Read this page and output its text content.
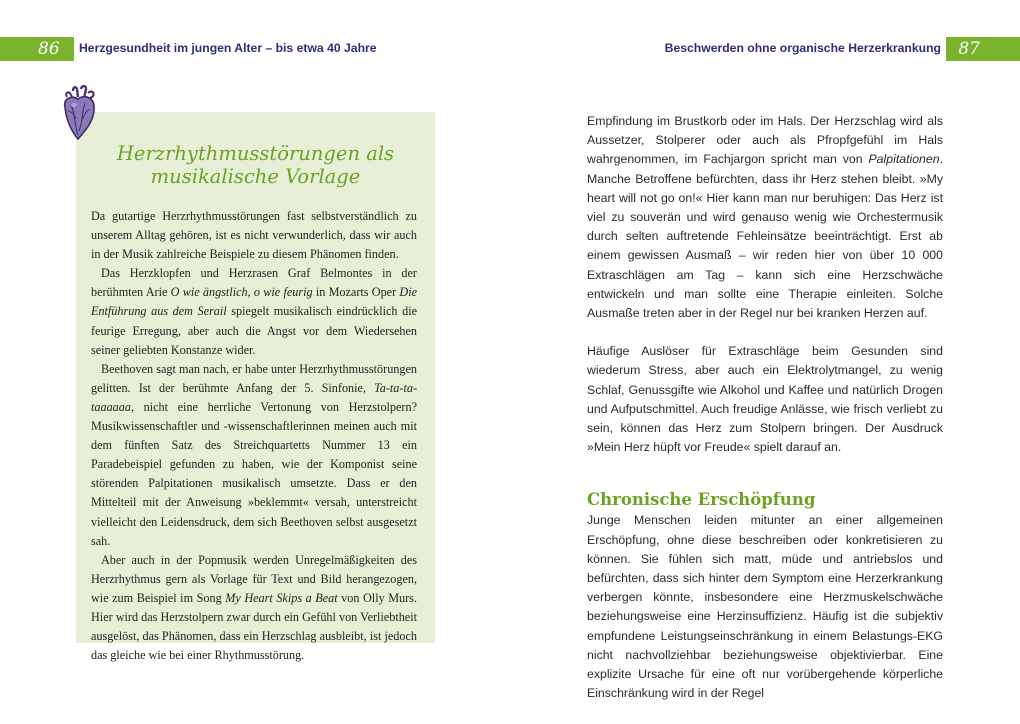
86 Herzgesundheit im jungen Alter – bis etwa 40 Jahre	Beschwerden ohne organische Herzerkrankung 87
Herzrhythmusstörungen als
musikalische Vorlage

Da gutartige Herzrhythmusstörungen fast selbstverständlich zu unserem Alltag gehören, ist es nicht verwunderlich, dass wir auch in der Musik zahlreiche Beispiele zu diesem Phänomen finden.

Das Herzklopfen und Herzrasen Graf Belmontes in der berühmten Arie O wie ängstlich, o wie feurig in Mozarts Oper Die Entführung aus dem Serail spiegelt musikalisch eindrücklich die feurige Erregung, aber auch die Angst vor dem Wiedersehen seiner geliebten Konstanze wider.

Beethoven sagt man nach, er habe unter Herzrhythmusstörungen gelitten. Ist der berühmte Anfang der 5. Sinfonie, Ta-ta-ta-taaaaaa, nicht eine herrliche Vertonung von Herzstolpern? Musikwissenschaftler und -wissenschaftlerinnen meinen auch mit dem fünften Satz des Streichquartetts Nummer 13 ein Paradebeispiel gefunden zu haben, wie der Komponist seine störenden Palpitationen musikalisch umsetzte. Dass er den Mittelteil mit der Anweisung »beklemmt« versah, unterstreicht vielleicht den Leidensdruck, dem sich Beethoven selbst ausgesetzt sah.

Aber auch in der Popmusik werden Unregelmäßigkeiten des Herzrhythmus gern als Vorlage für Text und Bild herangezogen, wie zum Beispiel im Song My Heart Skips a Beat von Olly Murs. Hier wird das Herzstolpern zwar durch ein Gefühl von Verliebtheit ausgelöst, das Phänomen, dass ein Herzschlag ausbleibt, ist jedoch das gleiche wie bei einer Rhythmusstörung.

Empfindung im Brustkorb oder im Hals. Der Herzschlag wird als Aussetzer, Stolperer oder auch als Pfropfgefühl im Hals wahrgenommen, im Fachjargon spricht man von Palpitationen. Manche Betroffene befürchten, dass ihr Herz stehen bleibt. »My heart will not go on!« Hier kann man nur beruhigen: Das Herz ist viel zu souverän und wird genauso wenig wie Orchestermusik durch selten auftretende Fehleinsätze beeinträchtigt. Erst ab einem gewissen Ausmaß – wir reden hier von über 10 000 Extraschlägen am Tag – kann sich eine Herzschwäche entwickeln und man sollte eine Therapie einleiten. Solche Ausmaße treten aber in der Regel nur bei kranken Herzen auf.

Häufige Auslöser für Extraschläge beim Gesunden sind wiederum Stress, aber auch ein Elektrolytmangel, zu wenig Schlaf, Genussgifte wie Alkohol und Kaffee und natürlich Drogen und Aufputschmittel. Auch freudige Anlässe, wie frisch verliebt zu sein, können das Herz zum Stolpern bringen. Der Ausdruck »Mein Herz hüpft vor Freude« spielt darauf an.

Chronische Erschöpfung

Junge Menschen leiden mitunter an einer allgemeinen Erschöpfung, ohne diese beschreiben oder konkretisieren zu können. Sie fühlen sich matt, müde und antriebslos und befürchten, dass sich hinter dem Symptom eine Herzerkrankung verbergen könnte, insbesondere eine Herzmuskelschwäche beziehungsweise eine Herzinsuffizienz. Häufig ist die subjektiv empfundene Leistungseinschränkung in einem Belastungs-EKG nicht nachvollziehbar beziehungsweise objektivierbar. Eine explizite Ursache für eine oft nur vorübergehende körperliche Einschränkung wird in der Regel
